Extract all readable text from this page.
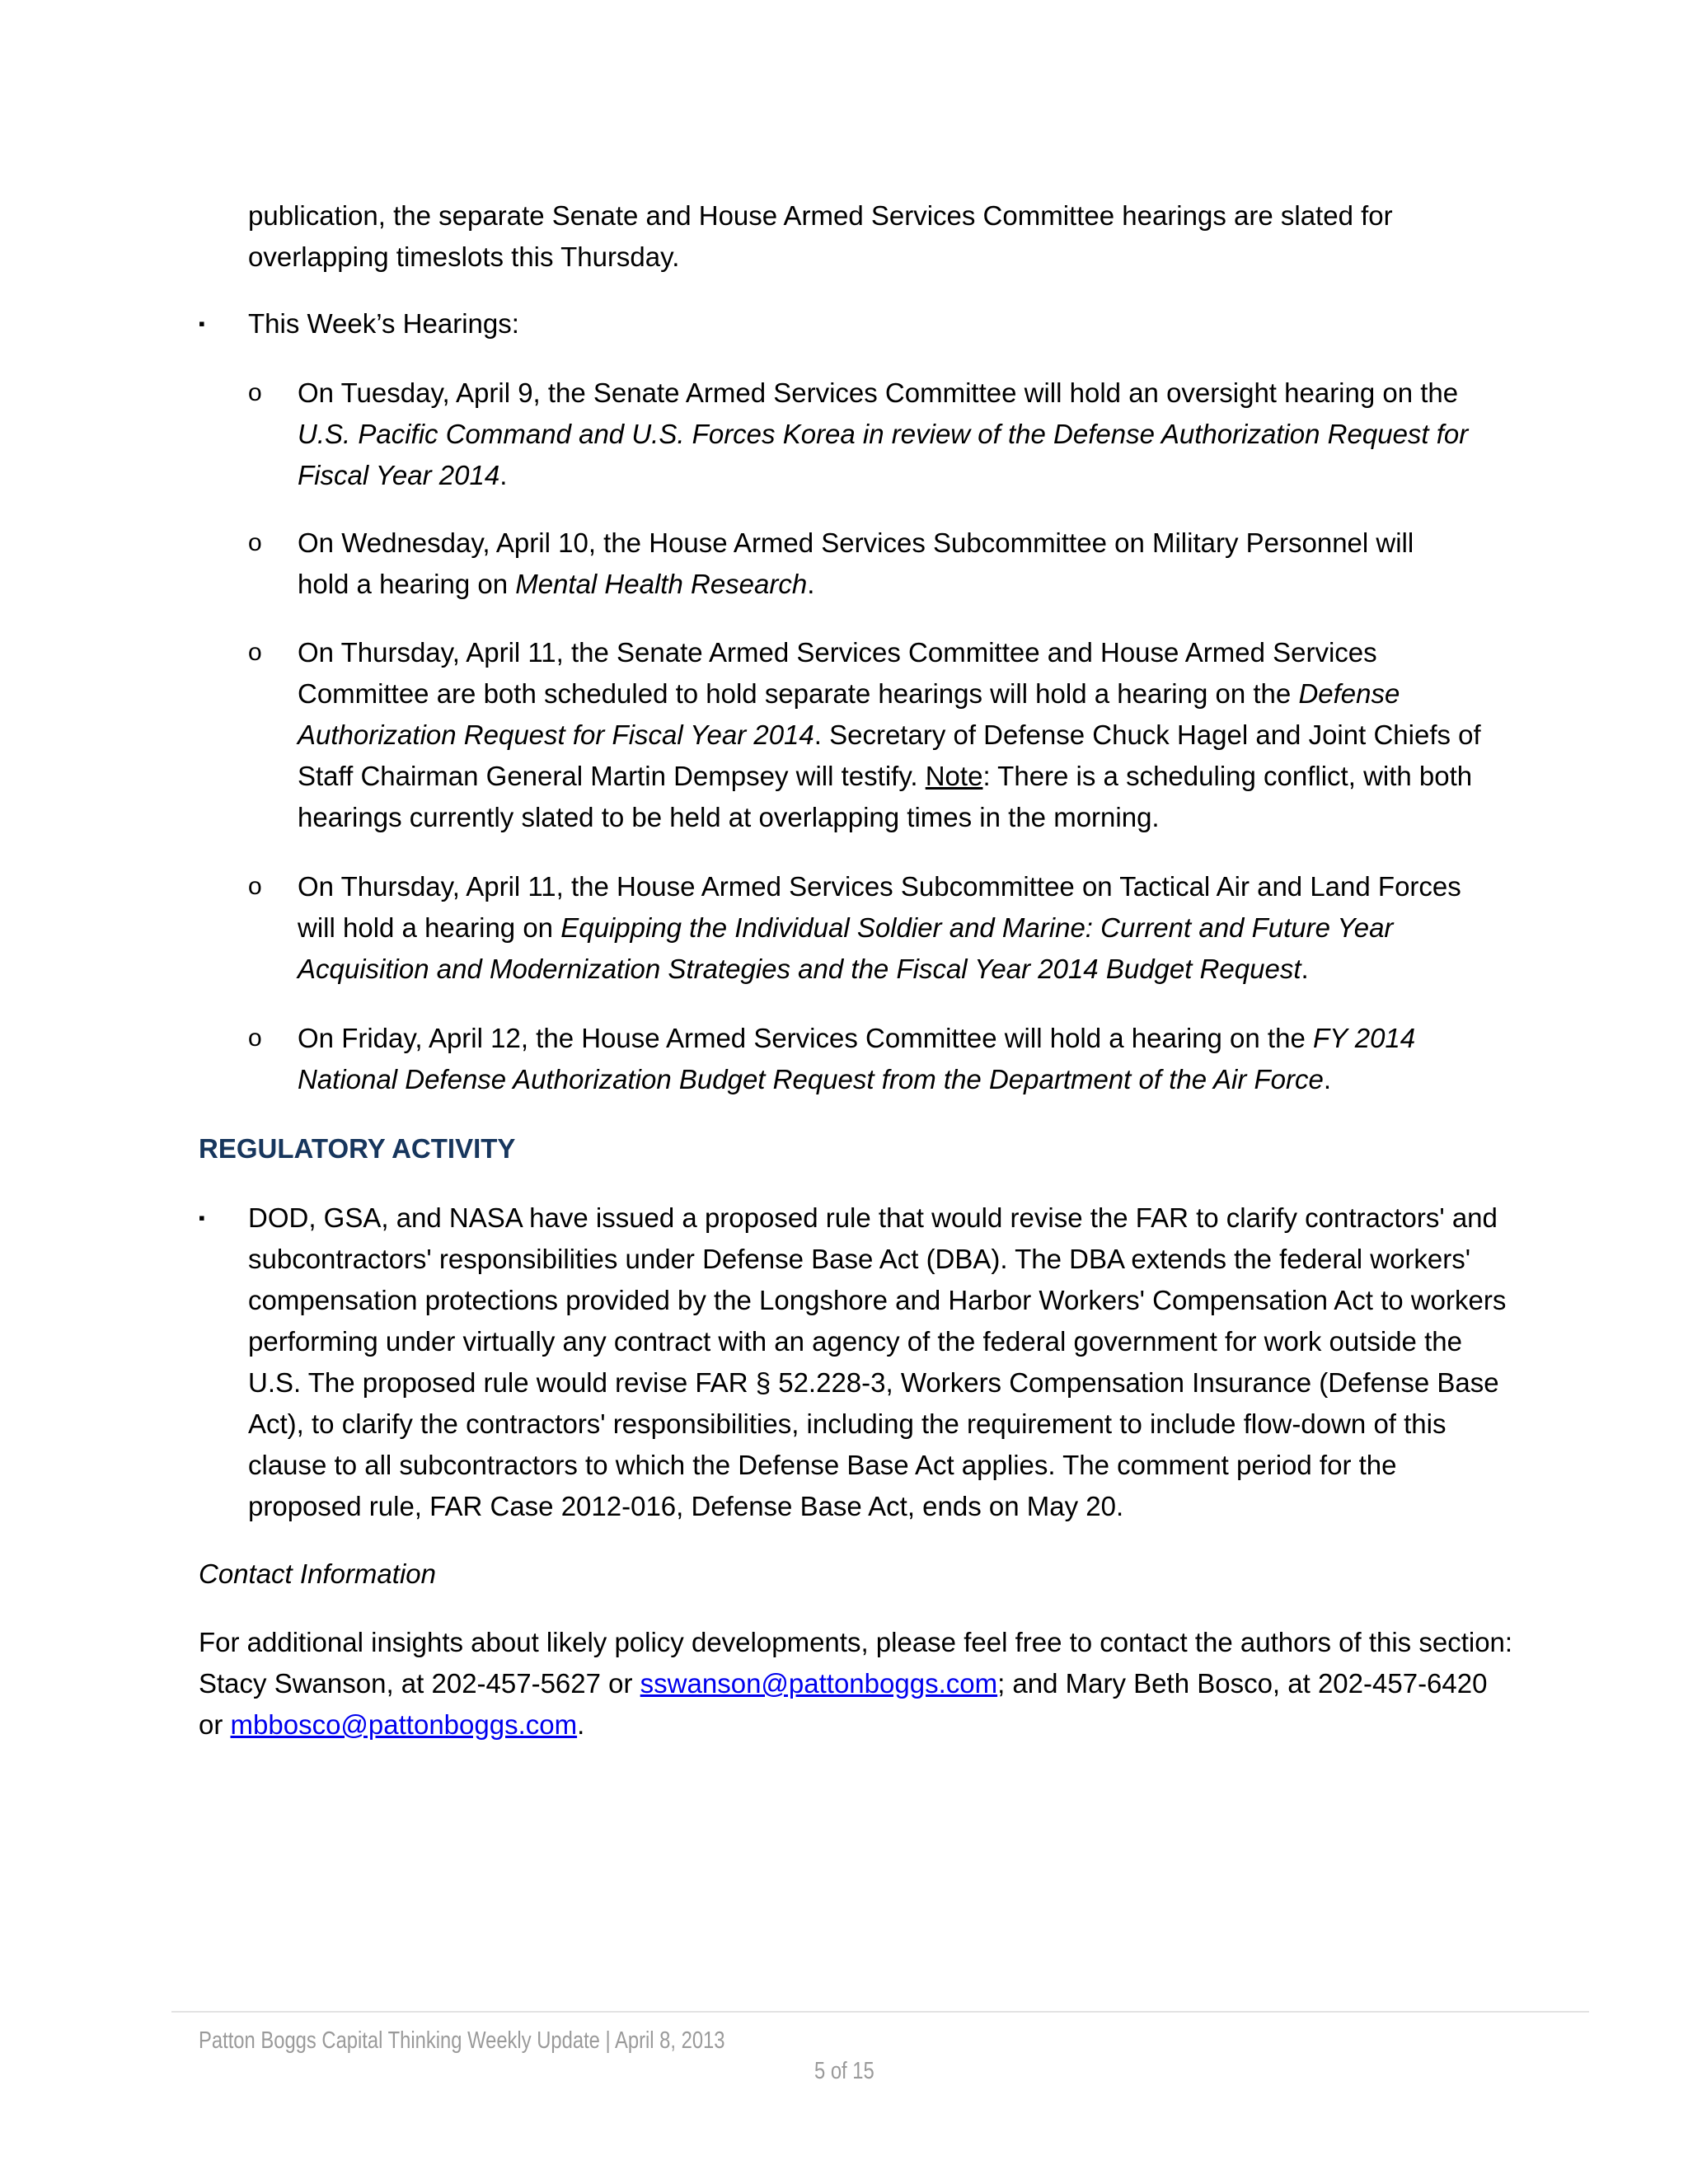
publication, the separate Senate and House Armed Services Committee hearings are slated for

overlapping timeslots this Thursday.

▪ This Week’s Hearings:

o On Tuesday, April 9, the Senate Armed Services Committee will hold an oversight hearing on the U.S. Pacific Command and U.S. Forces Korea in review of the Defense Authorization Request for Fiscal Year 2014.

o On Wednesday, April 10, the House Armed Services Subcommittee on Military Personnel will hold a hearing on Mental Health Research.

o On Thursday, April 11, the Senate Armed Services Committee and House Armed Services Committee are both scheduled to hold separate hearings will hold a hearing on the Defense Authorization Request for Fiscal Year 2014. Secretary of Defense Chuck Hagel and Joint Chiefs of Staff Chairman General Martin Dempsey will testify. Note: There is a scheduling conflict, with both hearings currently slated to be held at overlapping times in the morning.

o On Thursday, April 11, the House Armed Services Subcommittee on Tactical Air and Land Forces will hold a hearing on Equipping the Individual Soldier and Marine: Current and Future Year Acquisition and Modernization Strategies and the Fiscal Year 2014 Budget Request.

o On Friday, April 12, the House Armed Services Committee will hold a hearing on the FY 2014 National Defense Authorization Budget Request from the Department of the Air Force.

REGULATORY ACTIVITY
▪ DOD, GSA, and NASA have issued a proposed rule that would revise the FAR to clarify contractors' and subcontractors' responsibilities under Defense Base Act (DBA). The DBA extends the federal workers' compensation protections provided by the Longshore and Harbor Workers' Compensation Act to workers performing under virtually any contract with an agency of the federal government for work outside the U.S. The proposed rule would revise FAR § 52.228-3, Workers Compensation Insurance (Defense Base Act), to clarify the contractors' responsibilities, including the requirement to include flow-down of this clause to all subcontractors to which the Defense Base Act applies. The comment period for the proposed rule, FAR Case 2012-016, Defense Base Act, ends on May 20.

Contact Information

For additional insights about likely policy developments, please feel free to contact the authors of this section: Stacy Swanson, at 202-457-5627 or sswanson@pattonboggs.com; and Mary Beth Bosco, at 202-457-6420 or mbbosco@pattonboggs.com.

Patton Boggs Capital Thinking Weekly Update | April 8, 2013
5 of 15
